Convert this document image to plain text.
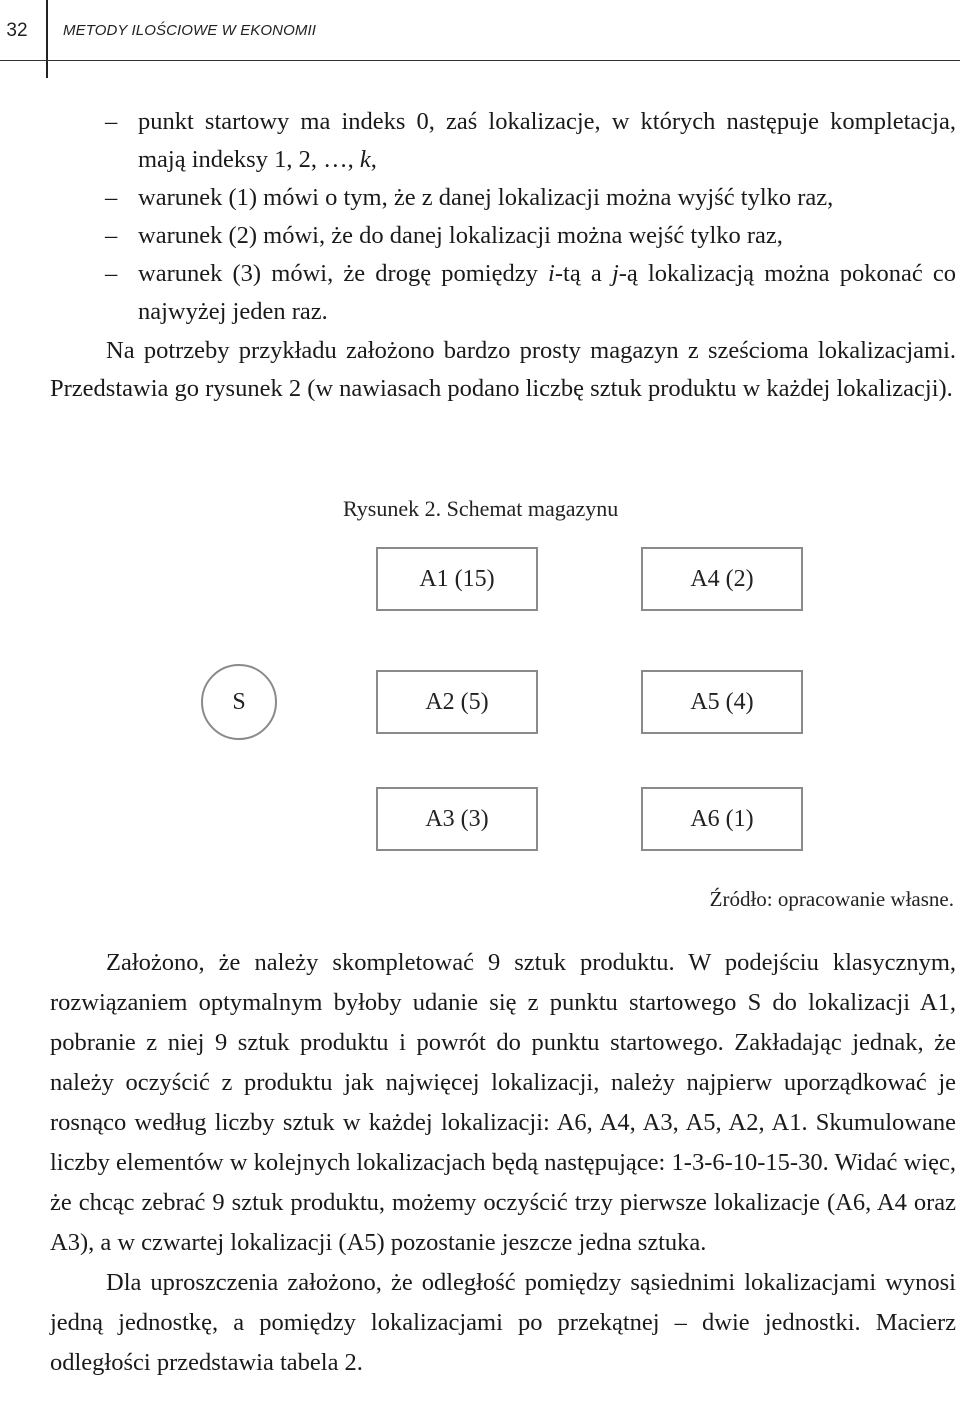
32	METODY ILOŚCIOWE W EKONOMII
– punkt startowy ma indeks 0, zaś lokalizacje, w których następuje kompletacja, mają indeksy 1, 2, …, k,
– warunek (1) mówi o tym, że z danej lokalizacji można wyjść tylko raz,
– warunek (2) mówi, że do danej lokalizacji można wejść tylko raz,
– warunek (3) mówi, że drogę pomiędzy i-tą a j-ą lokalizacją można pokonać co najwyżej jeden raz.

Na potrzeby przykładu założono bardzo prosty magazyn z sześcioma lokalizacjami. Przedstawia go rysunek 2 (w nawiasach podano liczbę sztuk produktu w każdej lokalizacji).

Rysunek 2. Schemat magazynu
A1 (15)	A4 (2)
S	A2 (5)	A5 (4)
A3 (3)	A6 (1)
Źródło: opracowanie własne.

Założono, że należy skompletować 9 sztuk produktu. W podejściu klasycznym, rozwiązaniem optymalnym byłoby udanie się z punktu startowego S do lokalizacji A1, pobranie z niej 9 sztuk produktu i powrót do punktu startowego. Zakładając jednak, że należy oczyścić z produktu jak najwięcej lokalizacji, należy najpierw uporządkować je rosnąco według liczby sztuk w każdej lokalizacji: A6, A4, A3, A5, A2, A1. Skumulowane liczby elementów w kolejnych lokalizacjach będą następujące: 1-3-6-10-15-30. Widać więc, że chcąc zebrać 9 sztuk produktu, możemy oczyścić trzy pierwsze lokalizacje (A6, A4 oraz A3), a w czwartej lokalizacji (A5) pozostanie jeszcze jedna sztuka.

Dla uproszczenia założono, że odległość pomiędzy sąsiednimi lokalizacjami wynosi jedną jednostkę, a pomiędzy lokalizacjami po przekątnej – dwie jednostki. Macierz odległości przedstawia tabela 2.
